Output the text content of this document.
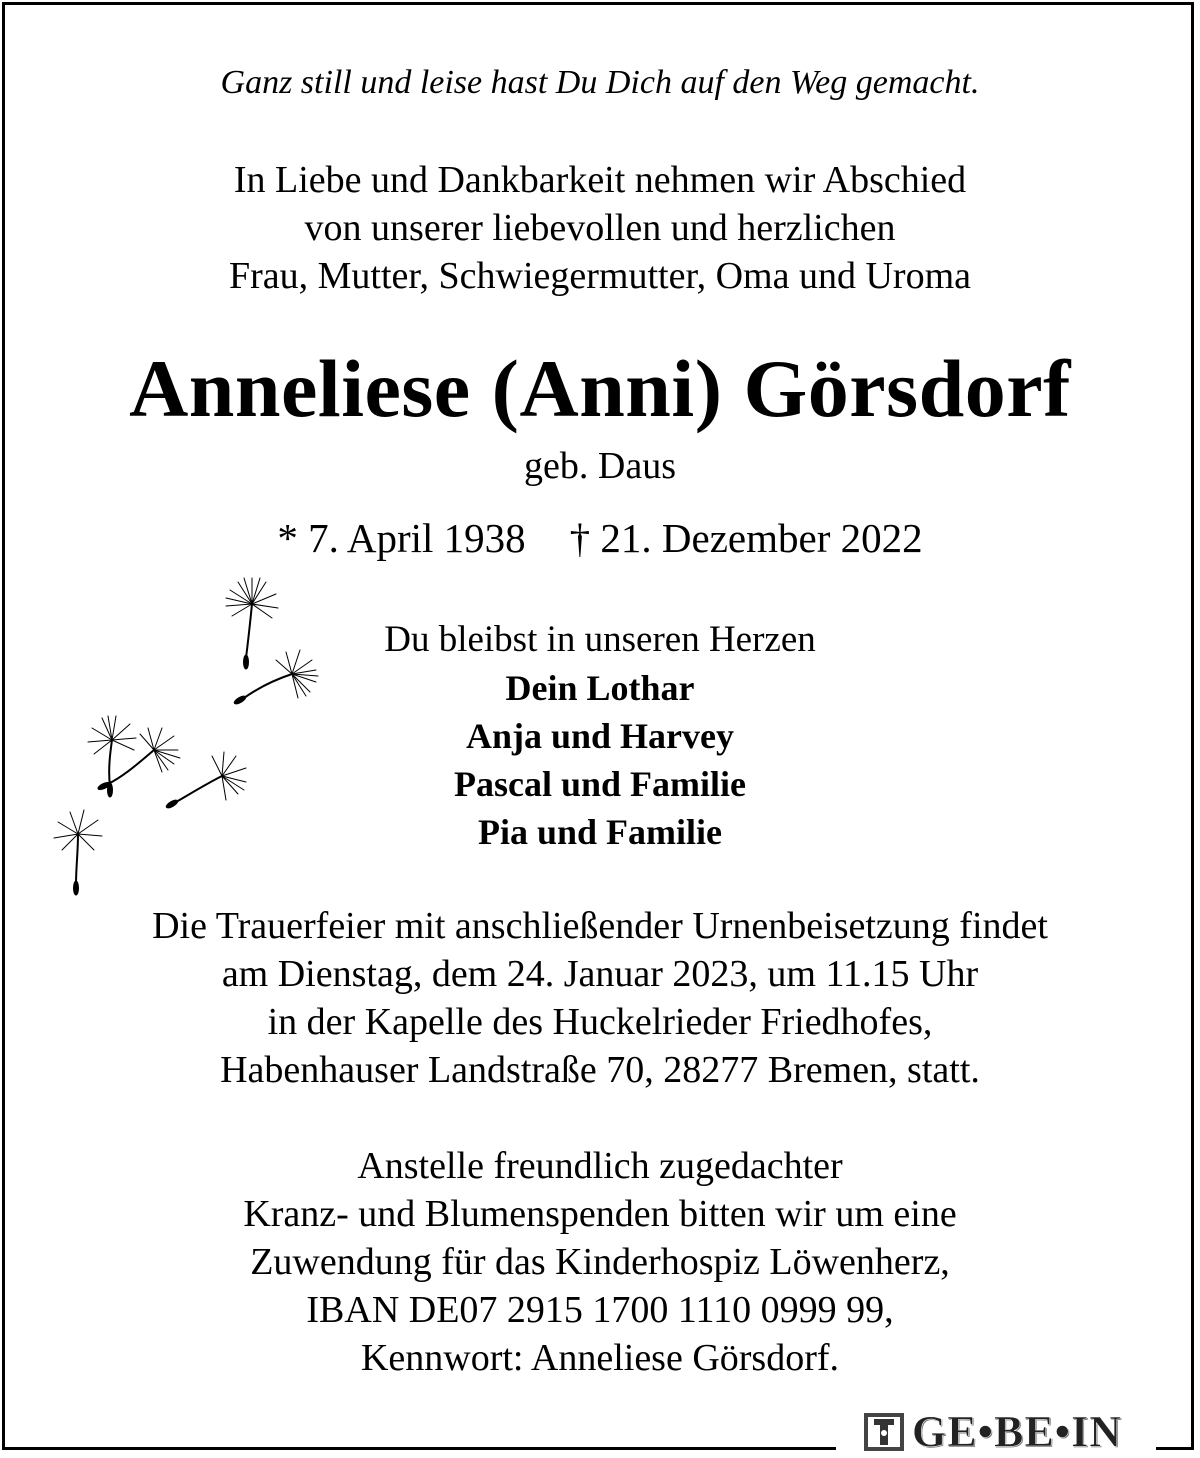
Ganz still und leise hast Du Dich auf den Weg gemacht.
In Liebe und Dankbarkeit nehmen wir Abschied
von unserer liebevollen und herzlichen
Frau, Mutter, Schwiegermutter, Oma und Uroma
Anneliese (Anni) Görsdorf
geb. Daus
* 7. April 1938 † 21. Dezember 2022
Du bleibst in unseren Herzen
Dein Lothar
Anja und Harvey
Pascal und Familie
Pia und Familie
Die Trauerfeier mit anschließender Urnenbeisetzung findet
am Dienstag, dem 24. Januar 2023, um 11.15 Uhr
in der Kapelle des Huckelrieder Friedhofes,
Habenhauser Landstraße 70, 28277 Bremen, statt.
Anstelle freundlich zugedachter
Kranz- und Blumenspenden bitten wir um eine
Zuwendung für das Kinderhospiz Löwenherz,
IBAN DE07 2915 1700 1110 0999 99,
Kennwort: Anneliese Görsdorf.
GE•BE•IN
